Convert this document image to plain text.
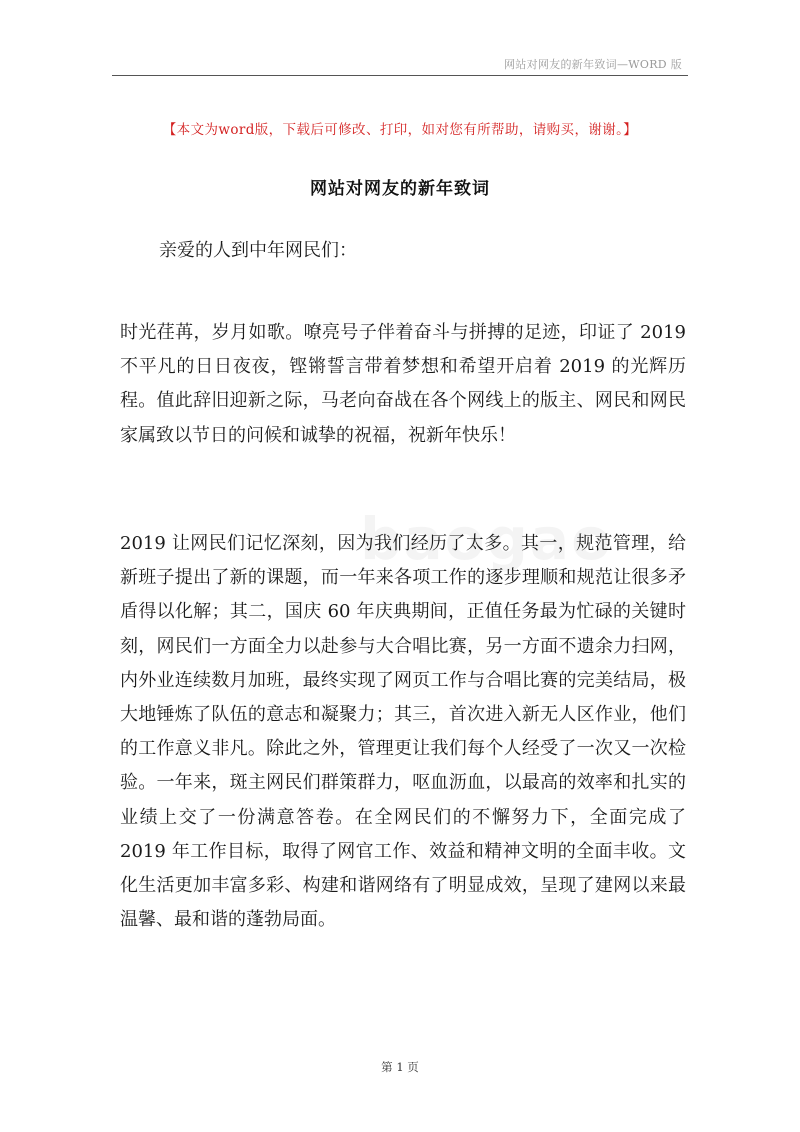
网站对网友的新年致词—WORD 版
【本文为word版，下载后可修改、打印，如对您有所帮助，请购买，谢谢。】
网站对网友的新年致词
亲爱的人到中年网民们：
时光荏苒，岁月如歌。嘹亮号子伴着奋斗与拼搏的足迹，印证了 2019 不平凡的日日夜夜，铿锵誓言带着梦想和希望开启着 2019 的光辉历程。值此辞旧迎新之际，马老向奋战在各个网线上的版主、网民和网民家属致以节日的问候和诚挚的祝福，祝新年快乐！
2019 让网民们记忆深刻，因为我们经历了太多。其一，规范管理，给新班子提出了新的课题，而一年来各项工作的逐步理顺和规范让很多矛盾得以化解；其二，国庆 60 年庆典期间，正值任务最为忙碌的关键时刻，网民们一方面全力以赴参与大合唱比赛，另一方面不遗余力扫网，内外业连续数月加班，最终实现了网页工作与合唱比赛的完美结局，极大地锤炼了队伍的意志和凝聚力；其三，首次进入新无人区作业，他们的工作意义非凡。除此之外，管理更让我们每个人经受了一次又一次检验。一年来，斑主网民们群策群力，呕血沥血，以最高的效率和扎实的业绩上交了一份满意答卷。在全网民们的不懈努力下，全面完成了 2019 年工作目标，取得了网官工作、效益和精神文明的全面丰收。文化生活更加丰富多彩、构建和谐网络有了明显成效，呈现了建网以来最温馨、最和谐的蓬勃局面。
第 1 页
